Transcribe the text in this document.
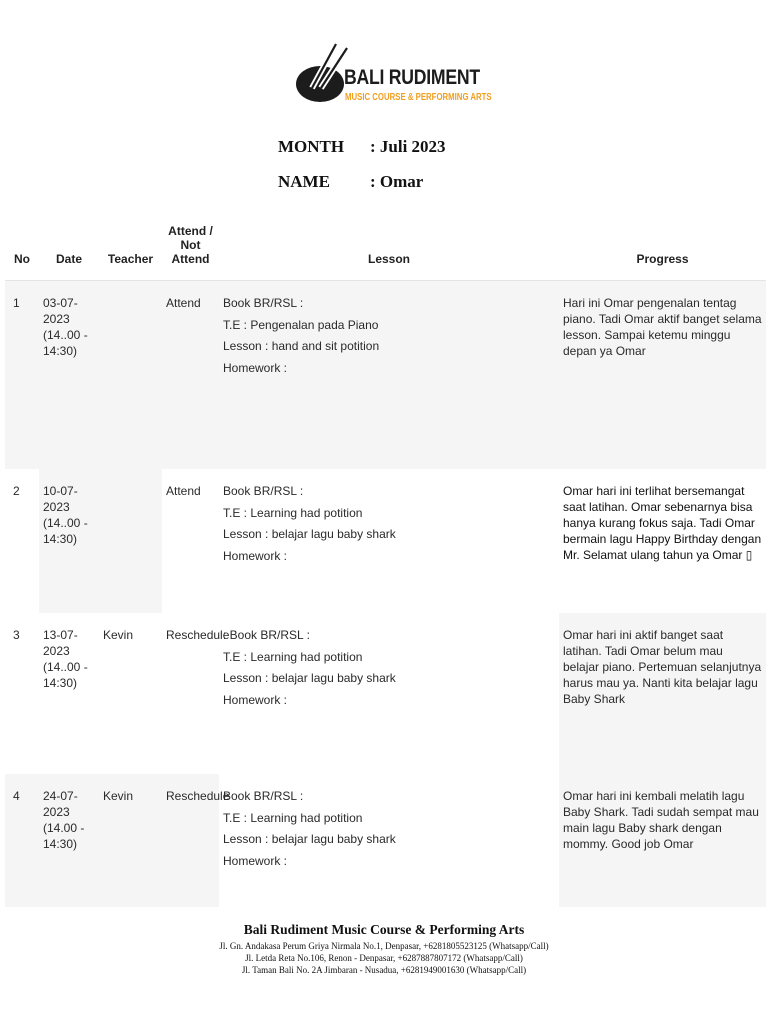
BALI RUDIMENT
MUSIC COURSE & PERFORMING ARTS
MONTH : Juli 2023
NAME : Omar
No	Date	Teacher	Attend / Not Attend	Lesson	Progress
1	03-07-2023 (14..00 - 14:30)		Attend	Book BR/RSL :
T.E : Pengenalan pada Piano
Lesson : hand and sit potition
Homework :	Hari ini Omar pengenalan tentag piano. Tadi Omar aktif banget selama lesson. Sampai ketemu minggu depan ya Omar
2	10-07-2023 (14..00 - 14:30)		Attend	Book BR/RSL :
T.E : Learning had potition
Lesson : belajar lagu baby shark
Homework :	Omar hari ini terlihat bersemangat saat latihan. Omar sebenarnya bisa hanya kurang fokus saja. Tadi Omar bermain lagu Happy Birthday dengan Mr. Selamat ulang tahun ya Omar ▯
3	13-07-2023 (14..00 - 14:30)	Kevin	Reschedule	: Book BR/RSL :
T.E : Learning had potition
Lesson : belajar lagu baby shark
Homework :	Omar hari ini aktif banget saat latihan. Tadi Omar belum mau belajar piano. Pertemuan selanjutnya harus mau ya. Nanti kita belajar lagu Baby Shark
4	24-07-2023 (14.00 - 14:30)	Kevin	Reschedule	Book BR/RSL :
T.E : Learning had potition
Lesson : belajar lagu baby shark
Homework :	Omar hari ini kembali melatih lagu Baby Shark. Tadi sudah sempat mau main lagu Baby shark dengan mommy. Good job Omar
Bali Rudiment Music Course & Performing Arts
Jl. Gn. Andakasa Perum Griya Nirmala No.1, Denpasar, +6281805523125 (Whatsapp/Call)
Jl. Letda Reta No.106, Renon - Denpasar, +6287887807172 (Whatsapp/Call)
Jl. Taman Bali No. 2A Jimbaran - Nusadua, +6281949001630 (Whatsapp/Call)
